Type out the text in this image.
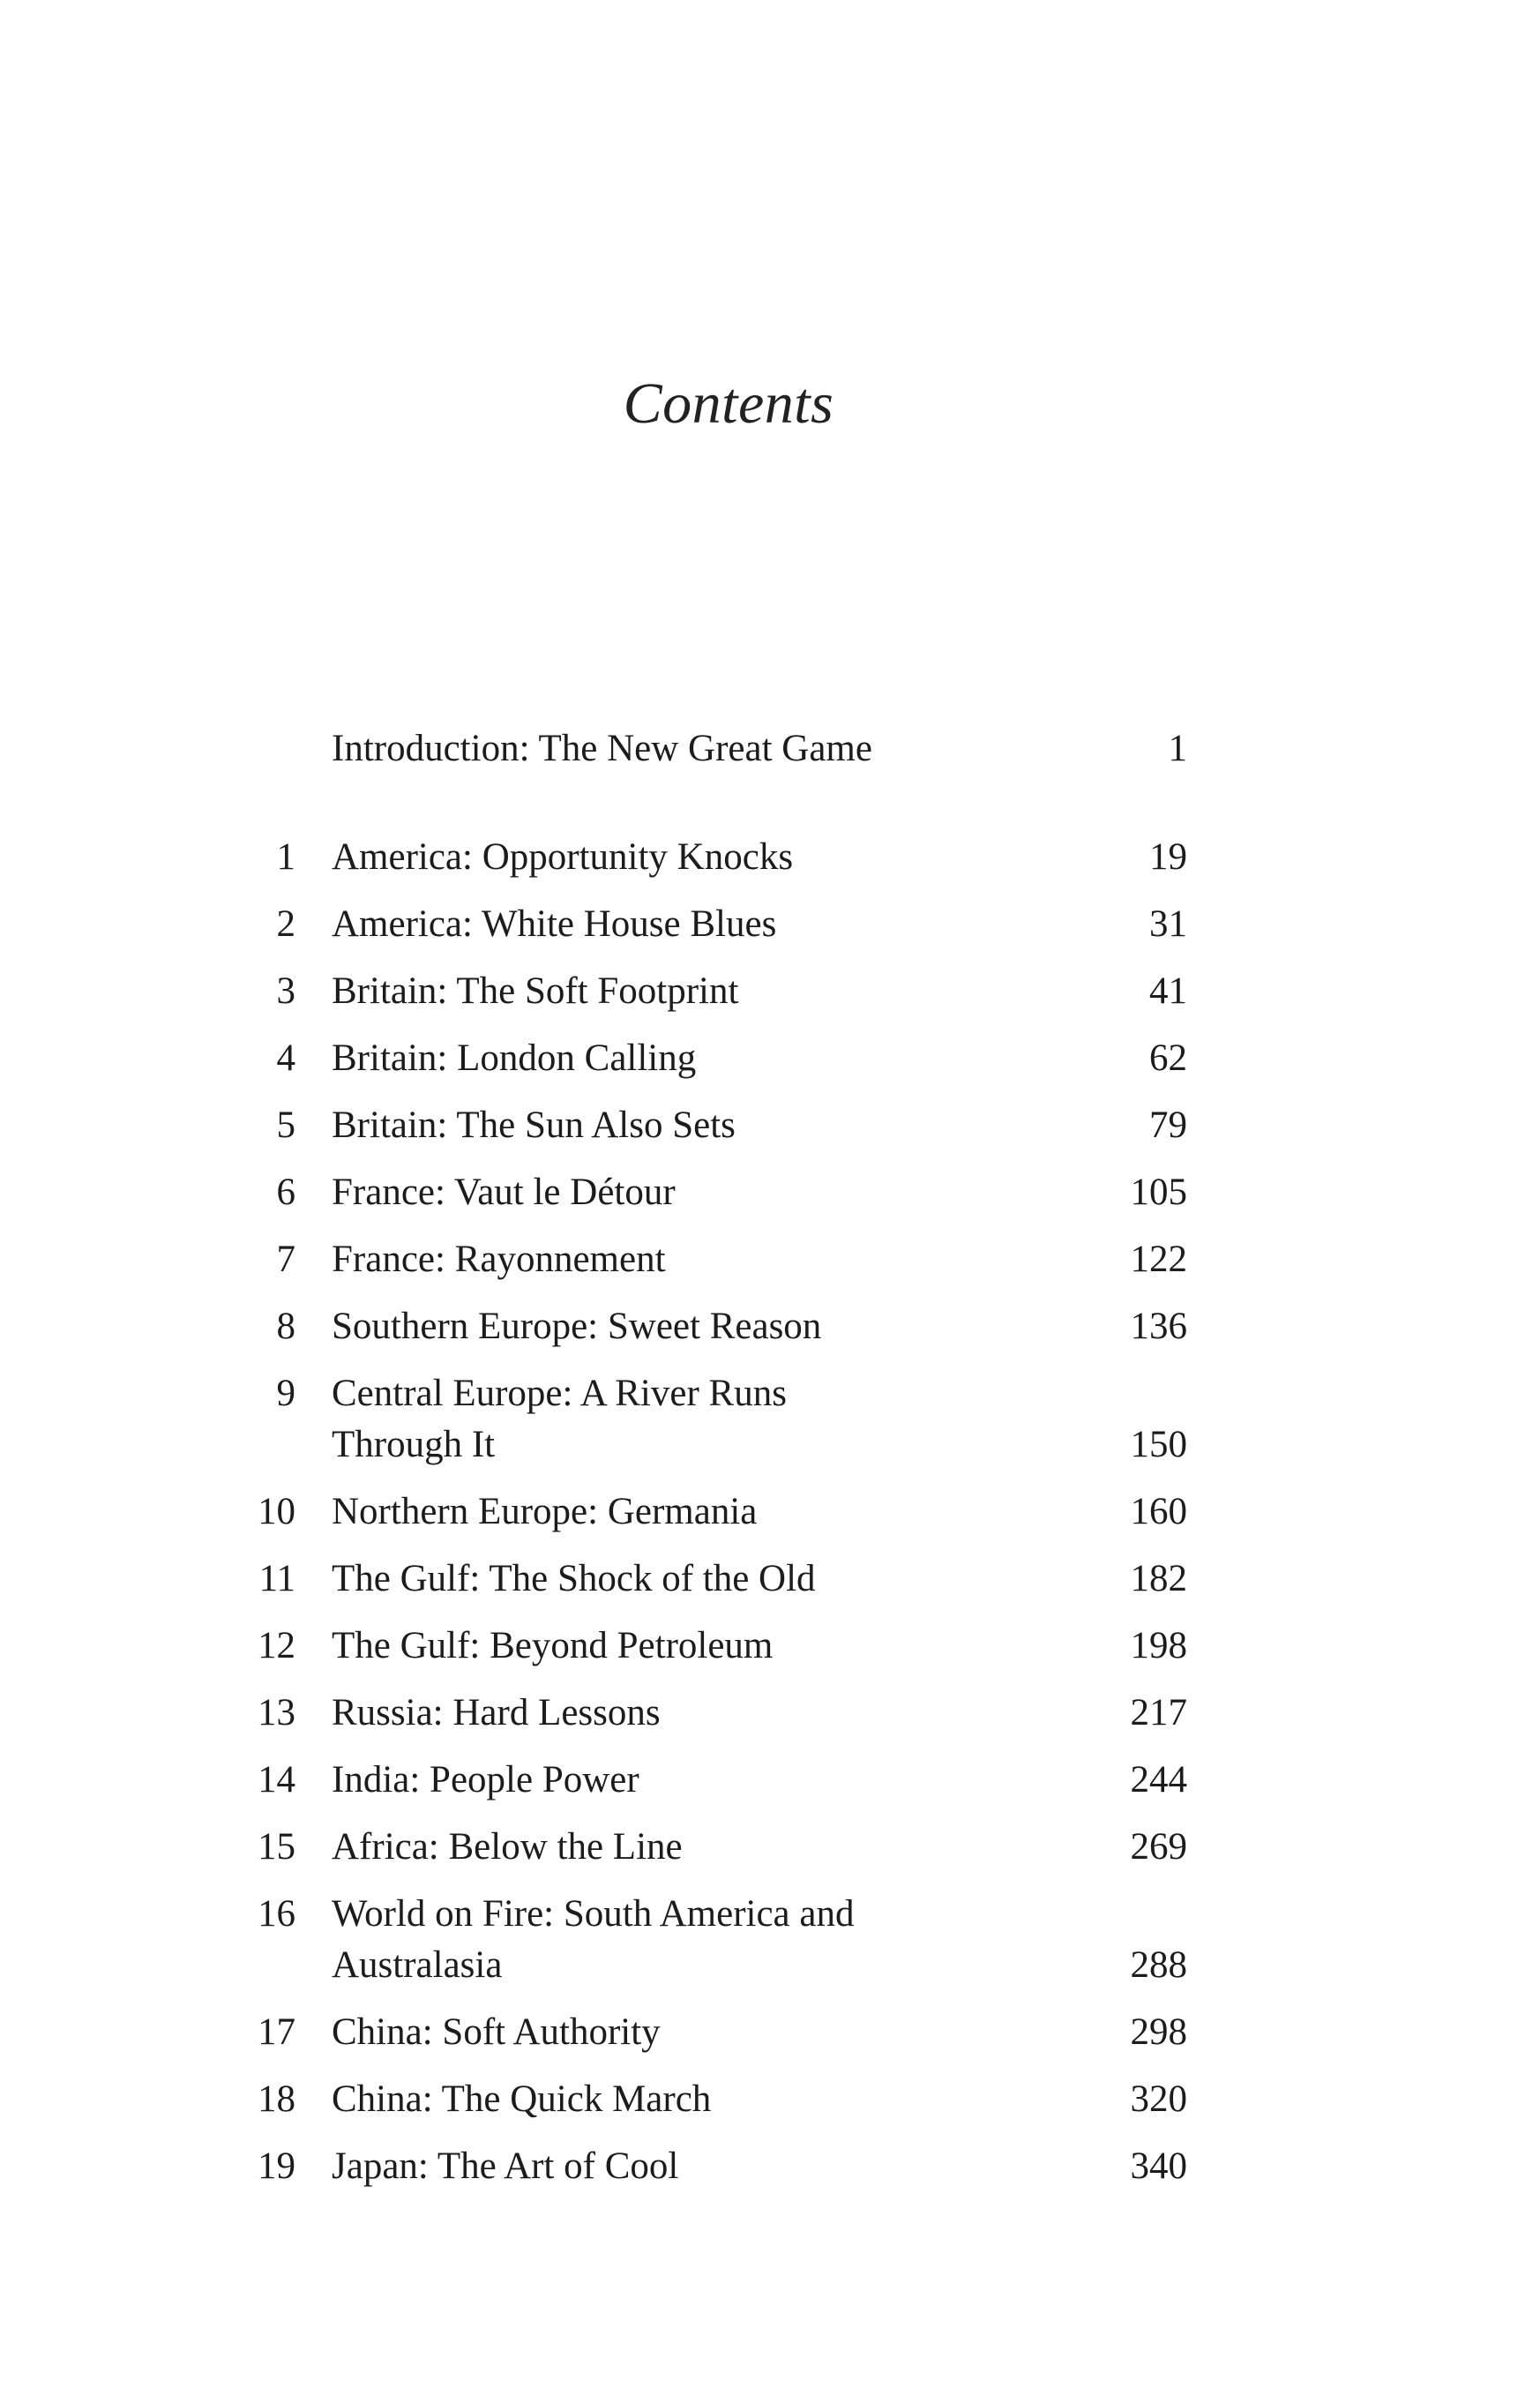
Contents
Introduction: The New Great Game	1
1 America: Opportunity Knocks	19
2 America: White House Blues	31
3 Britain: The Soft Footprint	41
4 Britain: London Calling	62
5 Britain: The Sun Also Sets	79
6 France: Vaut le Détour	105
7 France: Rayonnement	122
8 Southern Europe: Sweet Reason	136
9 Central Europe: A River Runs
Through It	150
10 Northern Europe: Germania	160
11 The Gulf: The Shock of the Old	182
12 The Gulf: Beyond Petroleum	198
13 Russia: Hard Lessons	217
14 India: People Power	244
15 Africa: Below the Line	269
16 World on Fire: South America and
Australasia	288
17 China: Soft Authority	298
18 China: The Quick March	320
19 Japan: The Art of Cool	340
